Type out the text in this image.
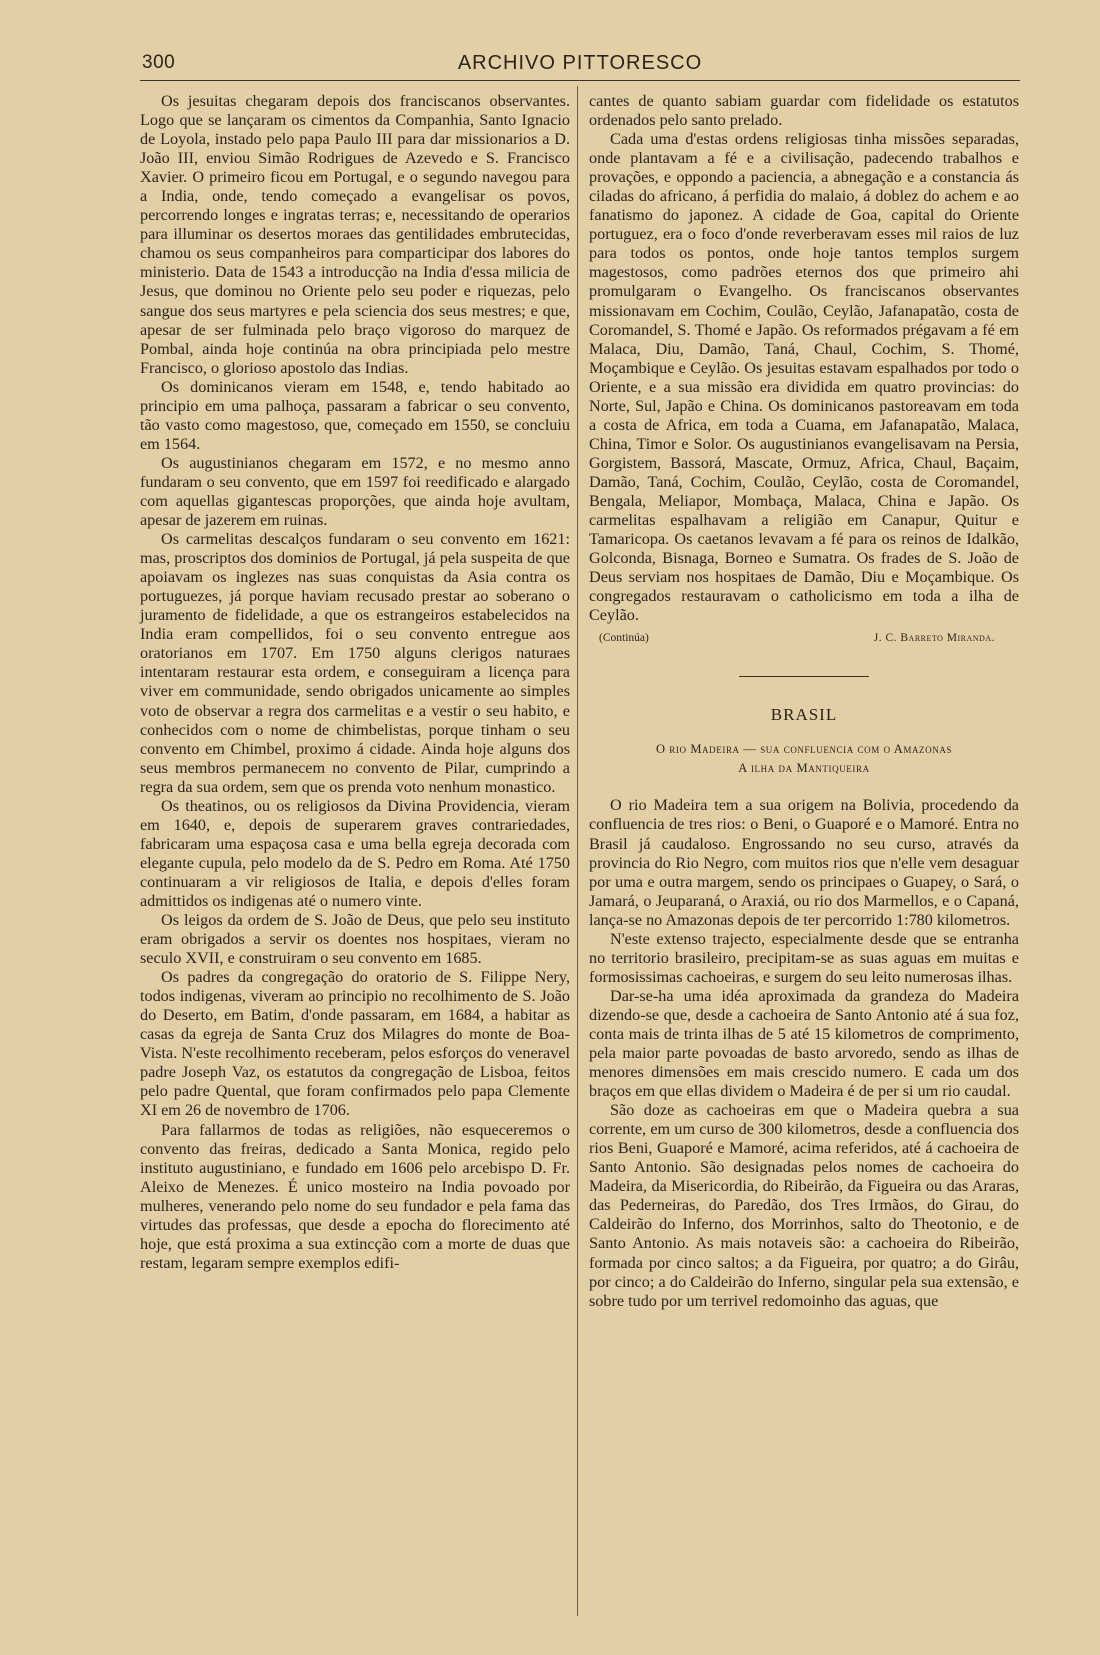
300	ARCHIVO PITTORESCO

Os jesuitas chegaram depois dos franciscanos observantes. Logo que se lançaram os cimentos da Companhia, Santo Ignacio de Loyola, instado pelo papa Paulo III para dar missionarios a D. João III, enviou Simão Rodrigues de Azevedo e S. Francisco Xavier. O primeiro ficou em Portugal, e o segundo navegou para a India, onde, tendo começado a evangelisar os povos, percorrendo longes e ingratas terras; e, necessitando de operarios para illuminar os desertos moraes das gentilidades embrutecidas, chamou os seus companheiros para comparticipar dos labores do ministerio. Data de 1543 a introducção na India d'essa milicia de Jesus, que dominou no Oriente pelo seu poder e riquezas, pelo sangue dos seus martyres e pela sciencia dos seus mestres; e que, apesar de ser fulminada pelo braço vigoroso do marquez de Pombal, ainda hoje continúa na obra principiada pelo mestre Francisco, o glorioso apostolo das Indias.

Os dominicanos vieram em 1548, e, tendo habitado ao principio em uma palhoça, passaram a fabricar o seu convento, tão vasto como magestoso, que, começado em 1550, se concluiu em 1564.

Os augustinianos chegaram em 1572, e no mesmo anno fundaram o seu convento, que em 1597 foi reedificado e alargado com aquellas gigantescas proporções, que ainda hoje avultam, apesar de jazerem em ruinas.

Os carmelitas descalços fundaram o seu convento em 1621: mas, proscriptos dos dominios de Portugal, já pela suspeita de que apoiavam os inglezes nas suas conquistas da Asia contra os portuguezes, já porque haviam recusado prestar ao soberano o juramento de fidelidade, a que os estrangeiros estabelecidos na India eram compellidos, foi o seu convento entregue aos oratorianos em 1707. Em 1750 alguns clerigos naturaes intentaram restaurar esta ordem, e conseguiram a licença para viver em communidade, sendo obrigados unicamente ao simples voto de observar a regra dos carmelitas e a vestir o seu habito, e conhecidos com o nome de chimbelistas, porque tinham o seu convento em Chimbel, proximo á cidade. Ainda hoje alguns dos seus membros permanecem no convento de Pilar, cumprindo a regra da sua ordem, sem que os prenda voto nenhum monastico.

Os theatinos, ou os religiosos da Divina Providencia, vieram em 1640, e, depois de superarem graves contrariedades, fabricaram uma espaçosa casa e uma bella egreja decorada com elegante cupula, pelo modelo da de S. Pedro em Roma. Até 1750 continuaram a vir religiosos de Italia, e depois d'elles foram admittidos os indigenas até o numero vinte.

Os leigos da ordem de S. João de Deus, que pelo seu instituto eram obrigados a servir os doentes nos hospitaes, vieram no seculo XVII, e construiram o seu convento em 1685.

Os padres da congregação do oratorio de S. Filippe Nery, todos indigenas, viveram ao principio no recolhimento de S. João do Deserto, em Batim, d'onde passaram, em 1684, a habitar as casas da egreja de Santa Cruz dos Milagres do monte de Boa-Vista. N'este recolhimento receberam, pelos esforços do veneravel padre Joseph Vaz, os estatutos da congregação de Lisboa, feitos pelo padre Quental, que foram confirmados pelo papa Clemente XI em 26 de novembro de 1706.

Para fallarmos de todas as religiões, não esqueceremos o convento das freiras, dedicado a Santa Monica, regido pelo instituto augustiniano, e fundado em 1606 pelo arcebispo D. Fr. Aleixo de Menezes. É unico mosteiro na India povoado por mulheres, venerando pelo nome do seu fundador e pela fama das virtudes das professas, que desde a epocha do florecimento até hoje, que está proxima a sua extincção com a morte de duas que restam, legaram sempre exemplos edifi-

cantes de quanto sabiam guardar com fidelidade os estatutos ordenados pelo santo prelado.

Cada uma d'estas ordens religiosas tinha missões separadas, onde plantavam a fé e a civilisação, padecendo trabalhos e provações, e oppondo a paciencia, a abnegação e a constancia ás ciladas do africano, á perfidia do malaio, á doblez do achem e ao fanatismo do japonez. A cidade de Goa, capital do Oriente portuguez, era o foco d'onde reverberavam esses mil raios de luz para todos os pontos, onde hoje tantos templos surgem magestosos, como padrões eternos dos que primeiro ahi promulgaram o Evangelho. Os franciscanos observantes missionavam em Cochim, Coulão, Ceylão, Jafanapatão, costa de Coromandel, S. Thomé e Japão. Os reformados prégavam a fé em Malaca, Diu, Damão, Taná, Chaul, Cochim, S. Thomé, Moçambique e Ceylão. Os jesuitas estavam espalhados por todo o Oriente, e a sua missão era dividida em quatro provincias: do Norte, Sul, Japão e China. Os dominicanos pastoreavam em toda a costa de Africa, em toda a Cuama, em Jafanapatão, Malaca, China, Timor e Solor. Os augustinianos evangelisavam na Persia, Gorgistem, Bassorá, Mascate, Ormuz, Africa, Chaul, Baçaim, Damão, Taná, Cochim, Coulão, Ceylão, costa de Coromandel, Bengala, Meliapor, Mombaça, Malaca, China e Japão. Os carmelitas espalhavam a religião em Canapur, Quitur e Tamaricopa. Os caetanos levavam a fé para os reinos de Idalkão, Golconda, Bisnaga, Borneo e Sumatra. Os frades de S. João de Deus serviam nos hospitaes de Damão, Diu e Moçambique. Os congregados restauravam o catholicismo em toda a ilha de Ceylão.

(Continúa)	J. C. Barreto Miranda.
BRASIL
O rio Madeira — sua confluencia com o Amazonas
A ilha da Mantiqueira

O rio Madeira tem a sua origem na Bolivia, procedendo da confluencia de tres rios: o Beni, o Guaporé e o Mamoré. Entra no Brasil já caudaloso. Engrossando no seu curso, através da provincia do Rio Negro, com muitos rios que n'elle vem desaguar por uma e outra margem, sendo os principaes o Guapey, o Sará, o Jamará, o Jeuparaná, o Araxiá, ou rio dos Marmellos, e o Capaná, lança-se no Amazonas depois de ter percorrido 1:780 kilometros.

N'este extenso trajecto, especialmente desde que se entranha no territorio brasileiro, precipitam-se as suas aguas em muitas e formosissimas cachoeiras, e surgem do seu leito numerosas ilhas.

Dar-se-ha uma idéa aproximada da grandeza do Madeira dizendo-se que, desde a cachoeira de Santo Antonio até á sua foz, conta mais de trinta ilhas de 5 até 15 kilometros de comprimento, pela maior parte povoadas de basto arvoredo, sendo as ilhas de menores dimensões em mais crescido numero. E cada um dos braços em que ellas dividem o Madeira é de per si um rio caudal.

São doze as cachoeiras em que o Madeira quebra a sua corrente, em um curso de 300 kilometros, desde a confluencia dos rios Beni, Guaporé e Mamoré, acima referidos, até á cachoeira de Santo Antonio. São designadas pelos nomes de cachoeira do Madeira, da Misericordia, do Ribeirão, da Figueira ou das Araras, das Pederneiras, do Paredão, dos Tres Irmãos, do Girau, do Caldeirão do Inferno, dos Morrinhos, salto do Theotonio, e de Santo Antonio. As mais notaveis são: a cachoeira do Ribeirão, formada por cinco saltos; a da Figueira, por quatro; a do Girâu, por cinco; a do Caldeirão do Inferno, singular pela sua extensão, e sobre tudo por um terrivel redomoinho das aguas, que
